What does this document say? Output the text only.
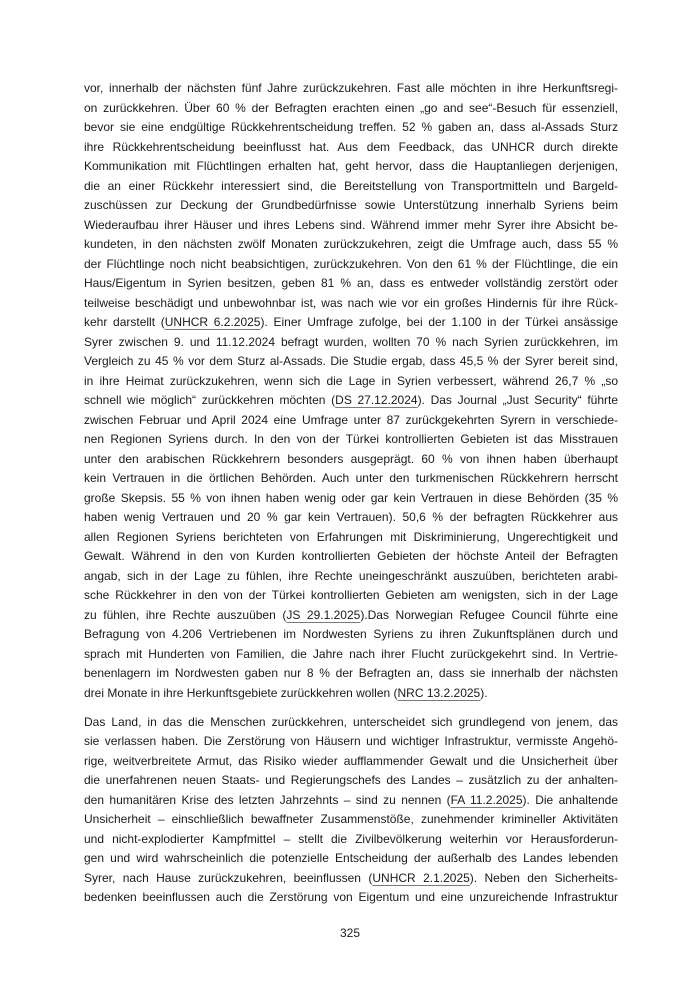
vor, innerhalb der nächsten fünf Jahre zurückzukehren. Fast alle möchten in ihre Herkunftsregi-
on zurückkehren. Über 60 % der Befragten erachten einen „go and see“-Besuch für essenziell,
bevor sie eine endgültige Rückkehrentscheidung treffen. 52 % gaben an, dass al-Assads Sturz
ihre Rückkehrentscheidung beeinflusst hat. Aus dem Feedback, das UNHCR durch direkte
Kommunikation mit Flüchtlingen erhalten hat, geht hervor, dass die Hauptanliegen derjenigen,
die an einer Rückkehr interessiert sind, die Bereitstellung von Transportmitteln und Bargeld-
zuschüssen zur Deckung der Grundbedürfnisse sowie Unterstützung innerhalb Syriens beim
Wiederaufbau ihrer Häuser und ihres Lebens sind. Während immer mehr Syrer ihre Absicht be-
kundeten, in den nächsten zwölf Monaten zurückzukehren, zeigt die Umfrage auch, dass 55 %
der Flüchtlinge noch nicht beabsichtigen, zurückzukehren. Von den 61 % der Flüchtlinge, die ein
Haus/Eigentum in Syrien besitzen, geben 81 % an, dass es entweder vollständig zerstört oder
teilweise beschädigt und unbewohnbar ist, was nach wie vor ein großes Hindernis für ihre Rück-
kehr darstellt (UNHCR 6.2.2025). Einer Umfrage zufolge, bei der 1.100 in der Türkei ansässige
Syrer zwischen 9. und 11.12.2024 befragt wurden, wollten 70 % nach Syrien zurückkehren, im
Vergleich zu 45 % vor dem Sturz al-Assads. Die Studie ergab, dass 45,5 % der Syrer bereit sind,
in ihre Heimat zurückzukehren, wenn sich die Lage in Syrien verbessert, während 26,7 % „so
schnell wie möglich“ zurückkehren möchten (DS 27.12.2024). Das Journal „Just Security“ führte
zwischen Februar und April 2024 eine Umfrage unter 87 zurückgekehrten Syrern in verschiede-
nen Regionen Syriens durch. In den von der Türkei kontrollierten Gebieten ist das Misstrauen
unter den arabischen Rückkehrern besonders ausgeprägt. 60 % von ihnen haben überhaupt
kein Vertrauen in die örtlichen Behörden. Auch unter den turkmenischen Rückkehrern herrscht
große Skepsis. 55 % von ihnen haben wenig oder gar kein Vertrauen in diese Behörden (35 %
haben wenig Vertrauen und 20 % gar kein Vertrauen). 50,6 % der befragten Rückkehrer aus
allen Regionen Syriens berichteten von Erfahrungen mit Diskriminierung, Ungerechtigkeit und
Gewalt. Während in den von Kurden kontrollierten Gebieten der höchste Anteil der Befragten
angab, sich in der Lage zu fühlen, ihre Rechte uneingeschränkt auszuüben, berichteten arabi-
sche Rückkehrer in den von der Türkei kontrollierten Gebieten am wenigsten, sich in der Lage
zu fühlen, ihre Rechte auszuüben (JS 29.1.2025).Das Norwegian Refugee Council führte eine
Befragung von 4.206 Vertriebenen im Nordwesten Syriens zu ihren Zukunftsplänen durch und
sprach mit Hunderten von Familien, die Jahre nach ihrer Flucht zurückgekehrt sind. In Vertrie-
benenlagern im Nordwesten gaben nur 8 % der Befragten an, dass sie innerhalb der nächsten
drei Monate in ihre Herkunftsgebiete zurückkehren wollen (NRC 13.2.2025).
Das Land, in das die Menschen zurückkehren, unterscheidet sich grundlegend von jenem, das
sie verlassen haben. Die Zerstörung von Häusern und wichtiger Infrastruktur, vermisste Angehö-
rige, weitverbreitete Armut, das Risiko wieder aufflammender Gewalt und die Unsicherheit über
die unerfahrenen neuen Staats- und Regierungschefs des Landes – zusätzlich zu der anhalten-
den humanitären Krise des letzten Jahrzehnts – sind zu nennen (FA 11.2.2025). Die anhaltende
Unsicherheit – einschließlich bewaffneter Zusammenstöße, zunehmender krimineller Aktivitäten
und nicht-explodierter Kampfmittel – stellt die Zivilbevölkerung weiterhin vor Herausforderun-
gen und wird wahrscheinlich die potenzielle Entscheidung der außerhalb des Landes lebenden
Syrer, nach Hause zurückzukehren, beeinflussen (UNHCR 2.1.2025). Neben den Sicherheits-
bedenken beeinflussen auch die Zerstörung von Eigentum und eine unzureichende Infrastruktur
325
